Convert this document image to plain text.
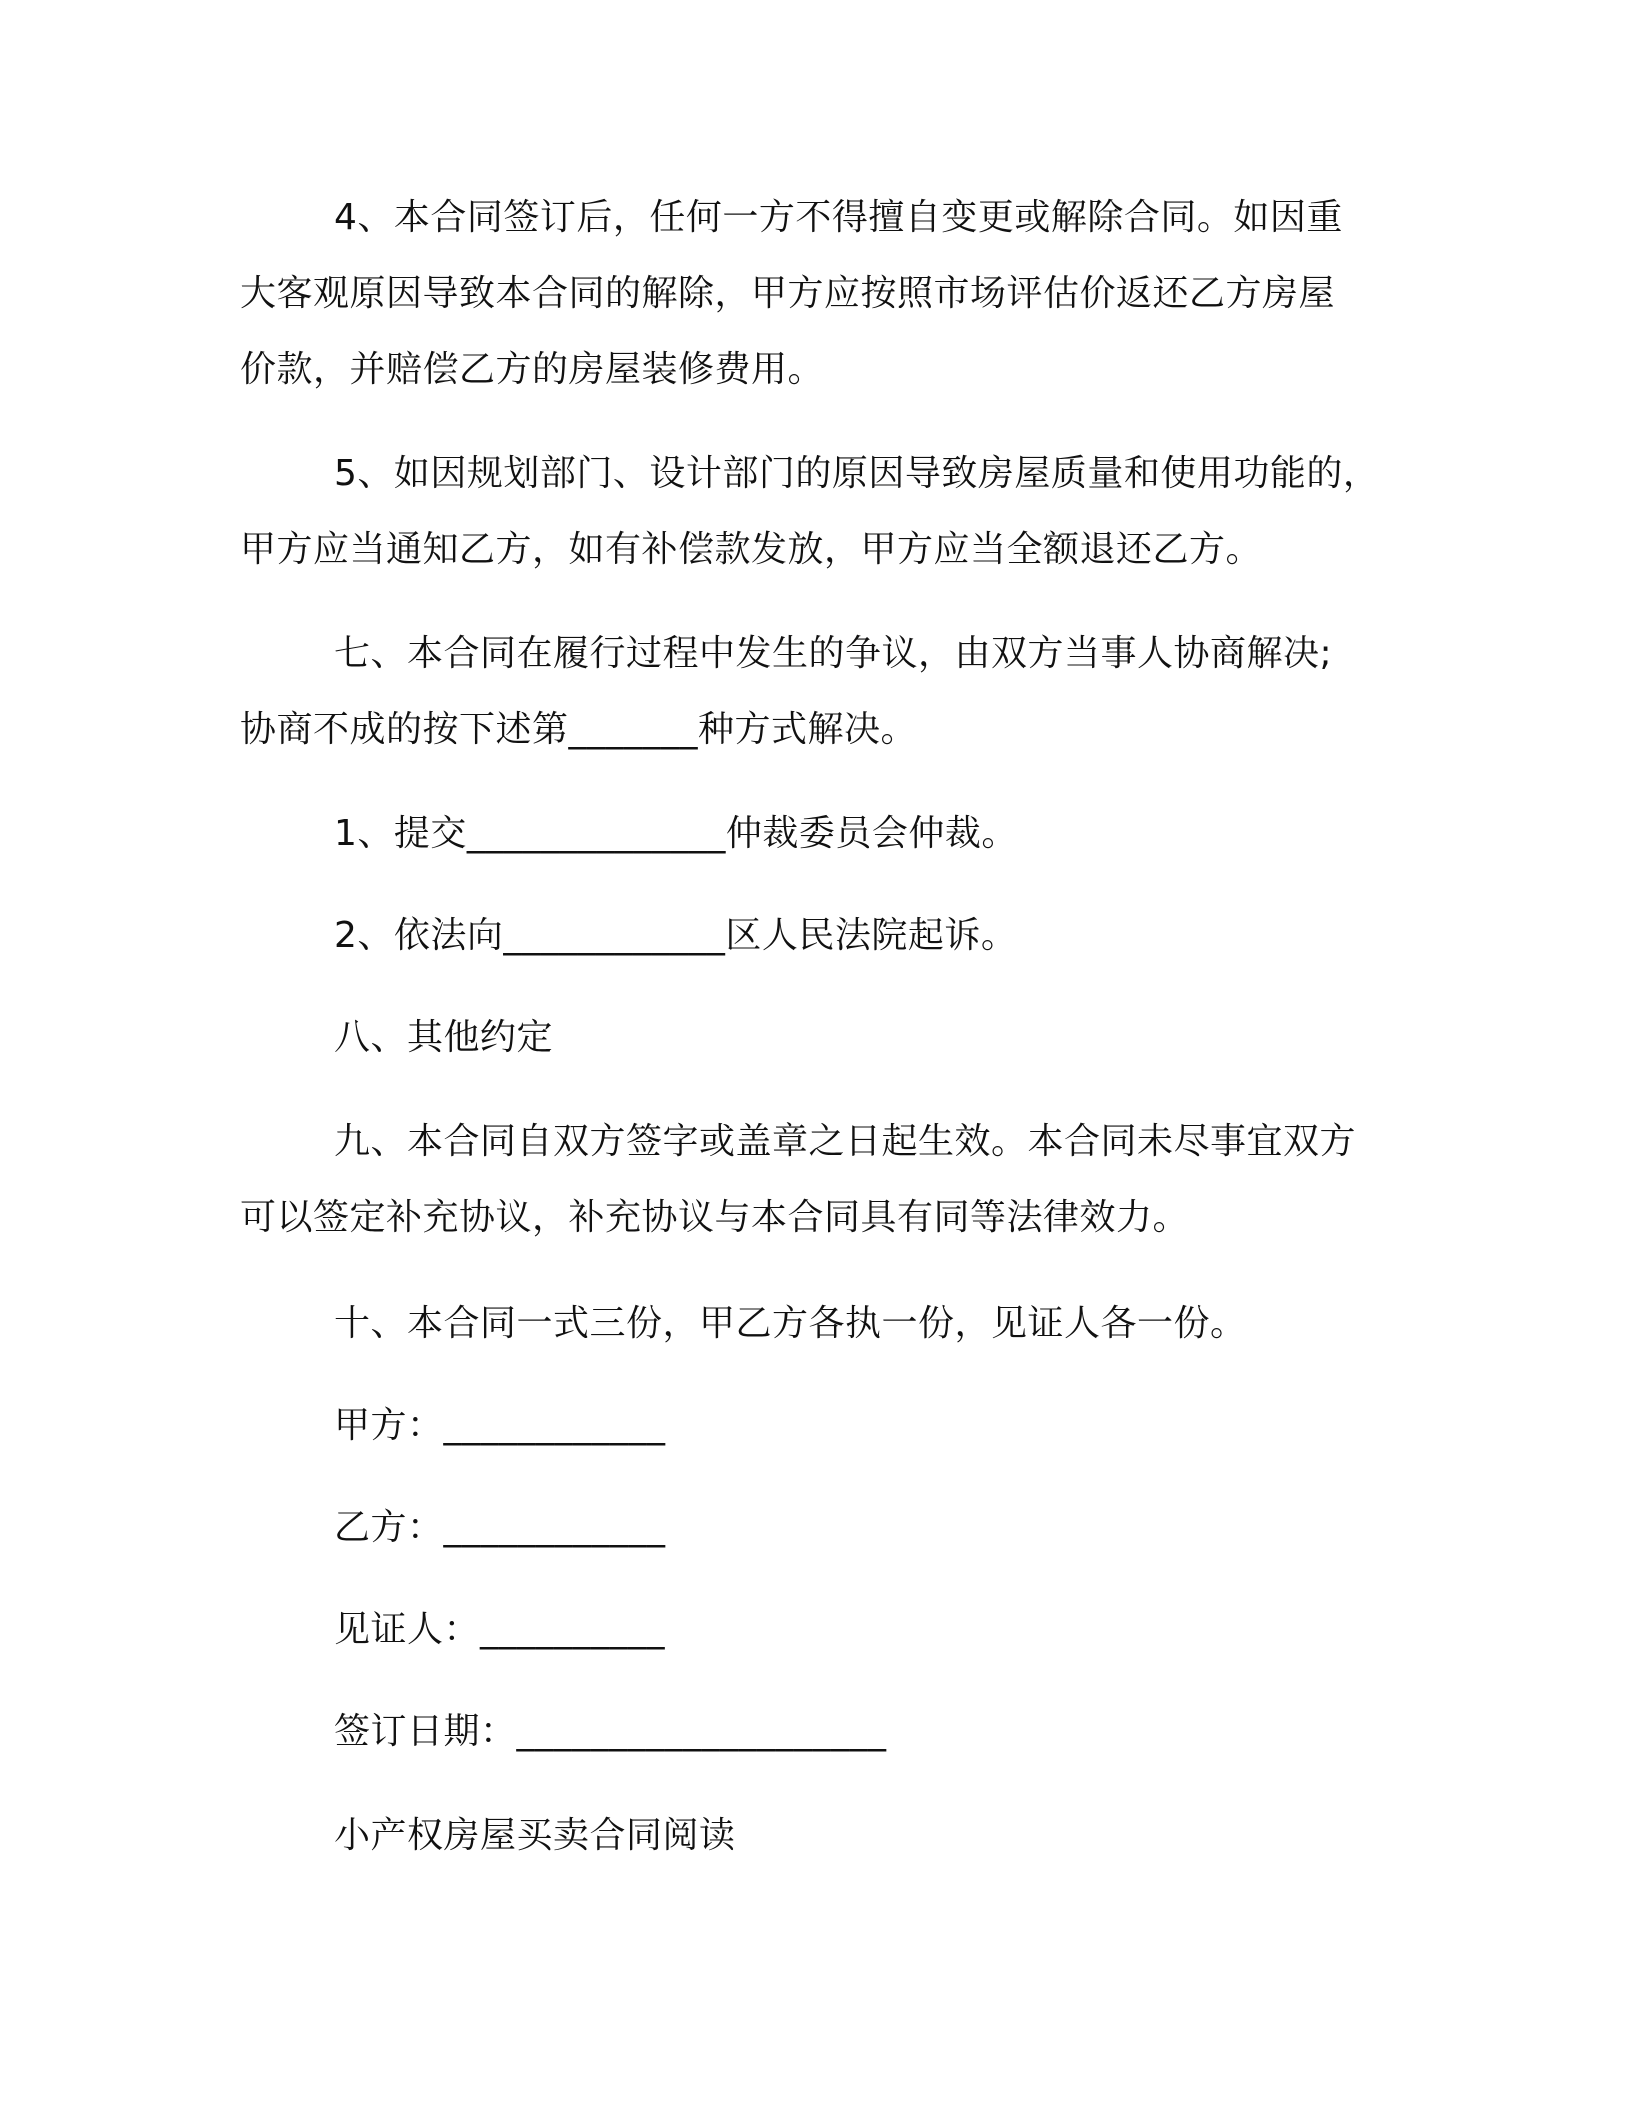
4、本合同签订后，任何一方不得擅自变更或解除合同。如因重
大客观原因导致本合同的解除，甲方应按照市场评估价返还乙方房屋
价款，并赔偿乙方的房屋装修费用。
5、如因规划部门、设计部门的原因导致房屋质量和使用功能的，
甲方应当通知乙方，如有补偿款发放，甲方应当全额退还乙方。
七、本合同在履行过程中发生的争议，由双方当事人协商解决;
协商不成的按下述第_______种方式解决。
1、提交______________仲裁委员会仲裁。
2、依法向____________区人民法院起诉。
八、其他约定
九、本合同自双方签字或盖章之日起生效。本合同未尽事宜双方
可以签定补充协议，补充协议与本合同具有同等法律效力。
十、本合同一式三份，甲乙方各执一份，见证人各一份。
甲方：____________
乙方：____________
见证人：__________
签订日期：____________________
小产权房屋买卖合同阅读
